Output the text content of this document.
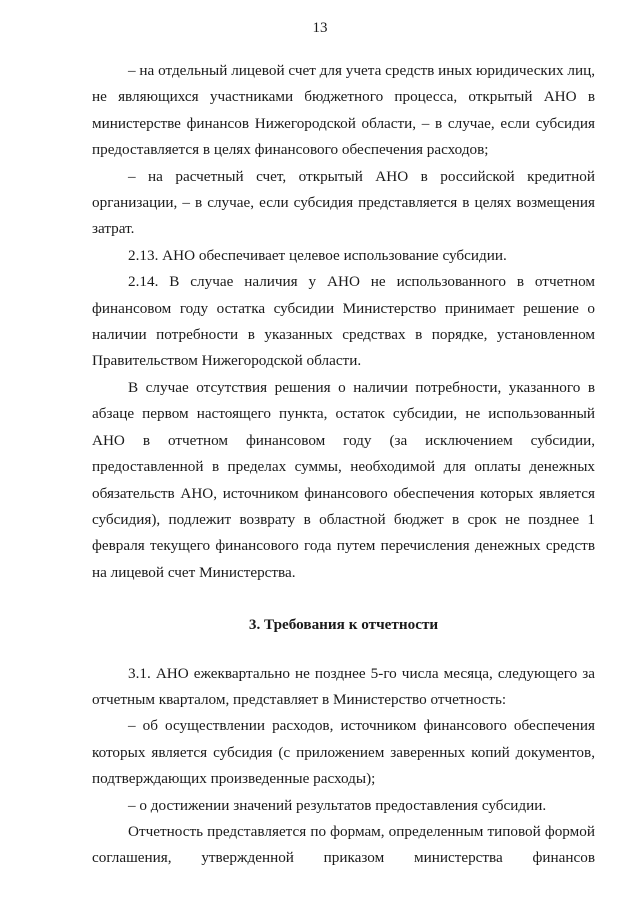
13

– на отдельный лицевой счет для учета средств иных юридических лиц, не являющихся участниками бюджетного процесса, открытый АНО в министерстве финансов Нижегородской области, – в случае, если субсидия предоставляется в целях финансового обеспечения расходов;

– на расчетный счет, открытый АНО в российской кредитной организации, – в случае, если субсидия представляется в целях возмещения затрат.

2.13. АНО обеспечивает целевое использование субсидии.

2.14. В случае наличия у АНО не использованного в отчетном финансовом году остатка субсидии Министерство принимает решение о наличии потребности в указанных средствах в порядке, установленном Правительством Нижегородской области.

В случае отсутствия решения о наличии потребности, указанного в абзаце первом настоящего пункта, остаток субсидии, не использованный АНО в отчетном финансовом году (за исключением субсидии, предоставленной в пределах суммы, необходимой для оплаты денежных обязательств АНО, источником финансового обеспечения которых является субсидия), подлежит возврату в областной бюджет в срок не позднее 1 февраля текущего финансового года путем перечисления денежных средств на лицевой счет Министерства.

3. Требования к отчетности

3.1. АНО ежеквартально не позднее 5-го числа месяца, следующего за отчетным кварталом, представляет в Министерство отчетность:

– об осуществлении расходов, источником финансового обеспечения которых является субсидия (с приложением заверенных копий документов, подтверждающих произведенные расходы);

– о достижении значений результатов предоставления субсидии.

Отчетность представляется по формам, определенным типовой формой соглашения, утвержденной приказом министерства финансов
